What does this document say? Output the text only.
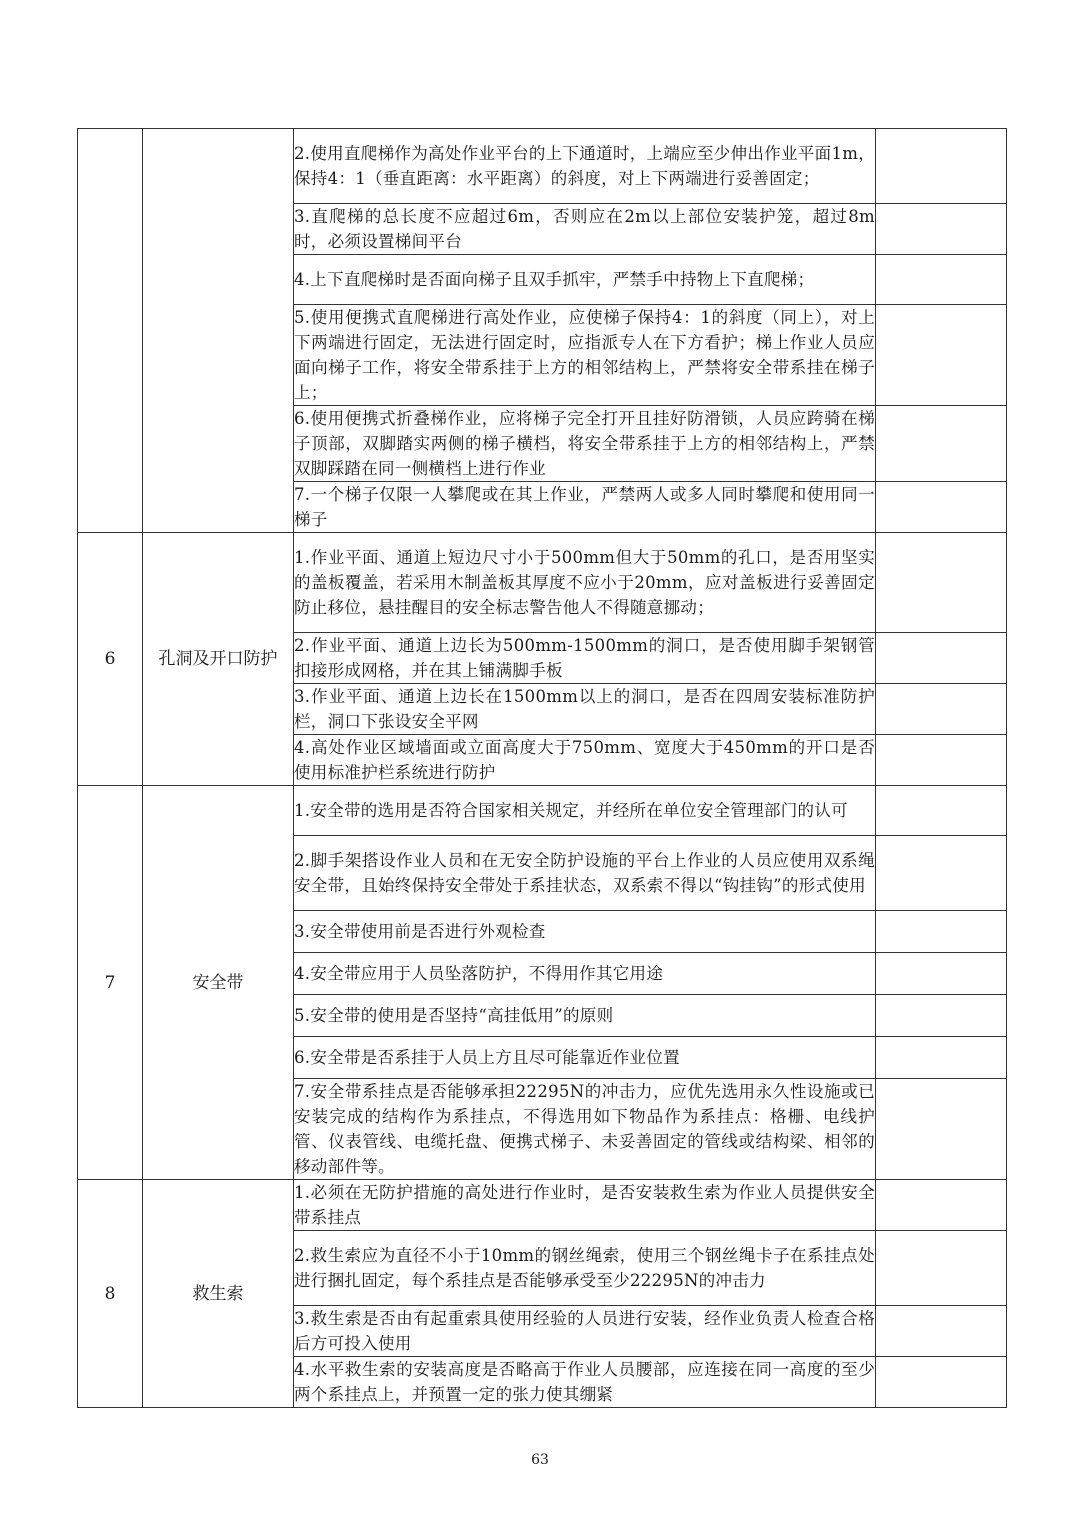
		2.使用直爬梯作为高处作业平台的上下通道时，上端应至少伸出作业平面1m，保持4：1（垂直距离：水平距离）的斜度，对上下两端进行妥善固定；	

		3.直爬梯的总长度不应超过6m，否则应在2m以上部位安装护笼，超过8m时，必须设置梯间平台	

		4.上下直爬梯时是否面向梯子且双手抓牢，严禁手中持物上下直爬梯；	

		5.使用便携式直爬梯进行高处作业，应使梯子保持4：1的斜度（同上），对上下两端进行固定，无法进行固定时，应指派专人在下方看护；梯上作业人员应面向梯子工作，将安全带系挂于上方的相邻结构上，严禁将安全带系挂在梯子上；	

		6.使用便携式折叠梯作业，应将梯子完全打开且挂好防滑锁，人员应跨骑在梯子顶部，双脚踏实两侧的梯子横档，将安全带系挂于上方的相邻结构上，严禁双脚踩踏在同一侧横档上进行作业	

		7.一个梯子仅限一人攀爬或在其上作业，严禁两人或多人同时攀爬和使用同一梯子	

6	孔洞及开口防护	1.作业平面、通道上短边尺寸小于500mm但大于50mm的孔口，是否用坚实的盖板覆盖，若采用木制盖板其厚度不应小于20mm，应对盖板进行妥善固定防止移位，悬挂醒目的安全标志警告他人不得随意挪动；	

		2.作业平面、通道上边长为500mm-1500mm的洞口，是否使用脚手架钢管扣接形成网格，并在其上铺满脚手板	

		3.作业平面、通道上边长在1500mm以上的洞口，是否在四周安装标准防护栏，洞口下张设安全平网	

		4.高处作业区域墙面或立面高度大于750mm、宽度大于450mm的开口是否使用标准护栏系统进行防护	

7	安全带	1.安全带的选用是否符合国家相关规定，并经所在单位安全管理部门的认可	

		2.脚手架搭设作业人员和在无安全防护设施的平台上作业的人员应使用双系绳安全带，且始终保持安全带处于系挂状态，双系索不得以“钩挂钩”的形式使用	

		3.安全带使用前是否进行外观检查	

		4.安全带应用于人员坠落防护，不得用作其它用途	

		5.安全带的使用是否坚持“高挂低用”的原则	

		6.安全带是否系挂于人员上方且尽可能靠近作业位置	

		7.安全带系挂点是否能够承担22295N的冲击力，应优先选用永久性设施或已安装完成的结构作为系挂点，不得选用如下物品作为系挂点：格栅、电线护管、仪表管线、电缆托盘、便携式梯子、未妥善固定的管线或结构梁、相邻的移动部件等。	

8	救生索	1.必须在无防护措施的高处进行作业时，是否安装救生索为作业人员提供安全带系挂点	

		2.救生索应为直径不小于10mm的钢丝绳索，使用三个钢丝绳卡子在系挂点处进行捆扎固定，每个系挂点是否能够承受至少22295N的冲击力	

		3.救生索是否由有起重索具使用经验的人员进行安装，经作业负责人检查合格后方可投入使用	

		4.水平救生索的安装高度是否略高于作业人员腰部，应连接在同一高度的至少两个系挂点上，并预置一定的张力使其绷紧	

63
